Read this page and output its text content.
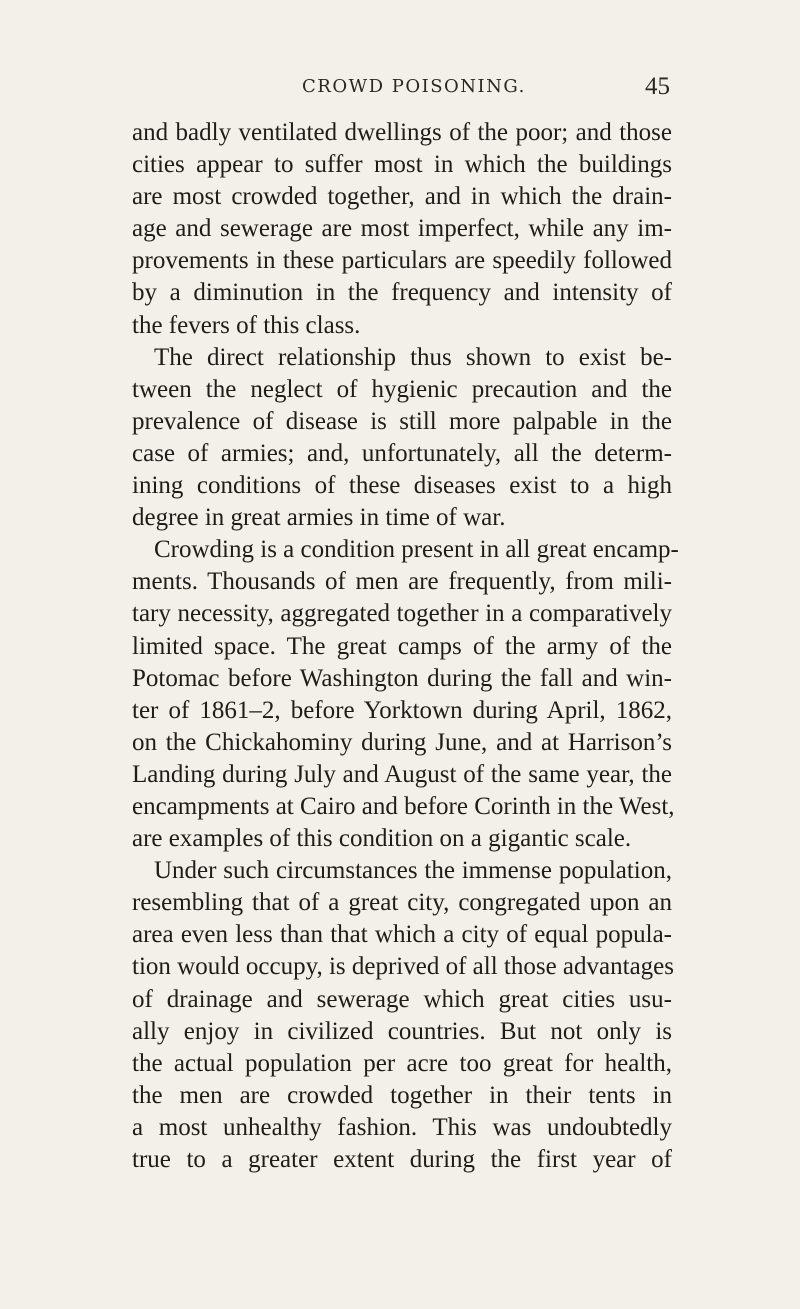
CROWD POISONING.	45
and badly ventilated dwellings of the poor; and those
cities appear to suffer most in which the buildings
are most crowded together, and in which the drain-
age and sewerage are most imperfect, while any im-
provements in these particulars are speedily followed
by a diminution in the frequency and intensity of
the fevers of this class.
The direct relationship thus shown to exist be-
tween the neglect of hygienic precaution and the
prevalence of disease is still more palpable in the
case of armies; and, unfortunately, all the determ-
ining conditions of these diseases exist to a high
degree in great armies in time of war.
Crowding is a condition present in all great encamp-
ments. Thousands of men are frequently, from mili-
tary necessity, aggregated together in a comparatively
limited space. The great camps of the army of the
Potomac before Washington during the fall and win-
ter of 1861–2, before Yorktown during April, 1862,
on the Chickahominy during June, and at Harrison’s
Landing during July and August of the same year, the
encampments at Cairo and before Corinth in the West,
are examples of this condition on a gigantic scale.
Under such circumstances the immense population,
resembling that of a great city, congregated upon an
area even less than that which a city of equal popula-
tion would occupy, is deprived of all those advantages
of drainage and sewerage which great cities usu-
ally enjoy in civilized countries. But not only is
the actual population per acre too great for health,
the men are crowded together in their tents in
a most unhealthy fashion. This was undoubtedly
true to a greater extent during the first year of
